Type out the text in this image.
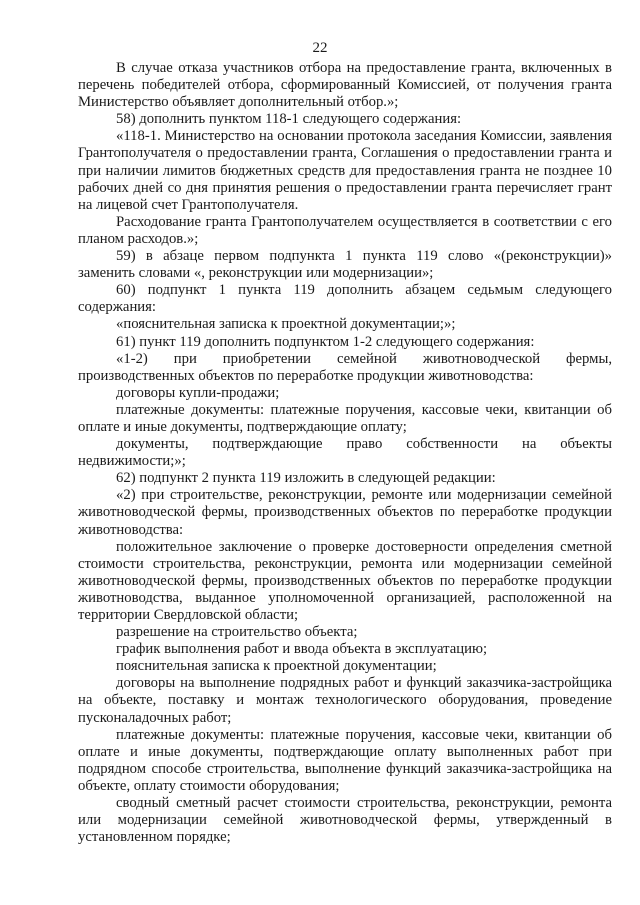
22

В случае отказа участников отбора на предоставление гранта, включенных в перечень победителей отбора, сформированный Комиссией, от получения гранта Министерство объявляет дополнительный отбор.»;

58) дополнить пунктом 118-1 следующего содержания:

«118-1. Министерство на основании протокола заседания Комиссии, заявления Грантополучателя о предоставлении гранта, Соглашения о предоставлении гранта и при наличии лимитов бюджетных средств для предоставления гранта не позднее 10 рабочих дней со дня принятия решения о предоставлении гранта перечисляет грант на лицевой счет Грантополучателя.

Расходование гранта Грантополучателем осуществляется в соответствии с его планом расходов.»;

59) в абзаце первом подпункта 1 пункта 119 слово «(реконструкции)» заменить словами «, реконструкции или модернизации»;

60) подпункт 1 пункта 119 дополнить абзацем седьмым следующего содержания:

«пояснительная записка к проектной документации;»;

61) пункт 119 дополнить подпунктом 1-2 следующего содержания:

«1-2) при приобретении семейной животноводческой фермы, производственных объектов по переработке продукции животноводства:

договоры купли-продажи;

платежные документы: платежные поручения, кассовые чеки, квитанции об оплате и иные документы, подтверждающие оплату;

документы, подтверждающие право собственности на объекты недвижимости;»;

62) подпункт 2 пункта 119 изложить в следующей редакции:

«2) при строительстве, реконструкции, ремонте или модернизации семейной животноводческой фермы, производственных объектов по переработке продукции животноводства:

положительное заключение о проверке достоверности определения сметной стоимости строительства, реконструкции, ремонта или модернизации семейной животноводческой фермы, производственных объектов по переработке продукции животноводства, выданное уполномоченной организацией, расположенной на территории Свердловской области;

разрешение на строительство объекта;

график выполнения работ и ввода объекта в эксплуатацию;

пояснительная записка к проектной документации;

договоры на выполнение подрядных работ и функций заказчика-застройщика на объекте, поставку и монтаж технологического оборудования, проведение пусконаладочных работ;

платежные документы: платежные поручения, кассовые чеки, квитанции об оплате и иные документы, подтверждающие оплату выполненных работ при подрядном способе строительства, выполнение функций заказчика-застройщика на объекте, оплату стоимости оборудования;

сводный сметный расчет стоимости строительства, реконструкции, ремонта или модернизации семейной животноводческой фермы, утвержденный в установленном порядке;
